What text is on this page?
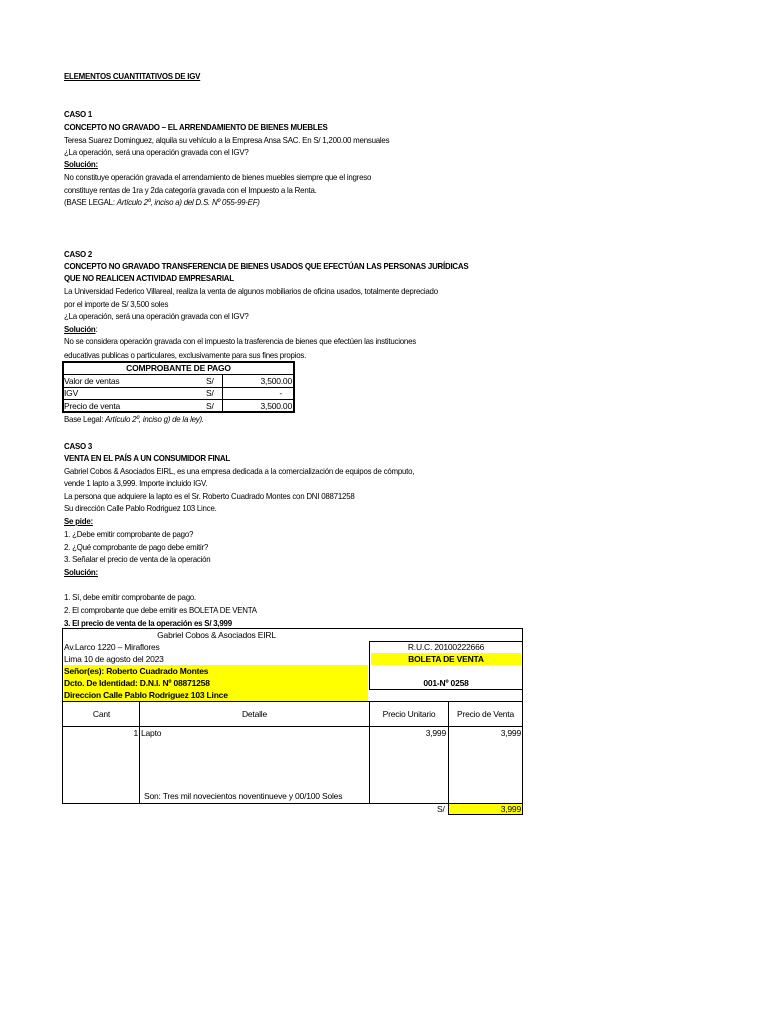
ELEMENTOS CUANTITATIVOS DE IGV
CASO 1
CONCEPTO NO GRAVADO – EL ARRENDAMIENTO DE BIENES MUEBLES
Teresa Suarez Dominguez, alquila su vehículo a la Empresa Ansa SAC. En S/ 1,200.00 mensuales
¿La operación, será una operación gravada con el IGV?
Solución:
No constituye operación gravada el arrendamiento de bienes muebles siempre que el ingreso
constituye rentas de 1ra y 2da categoría gravada con el Impuesto a la Renta.
(BASE LEGAL: Artículo 2º, inciso a) del D.S. Nº 055-99-EF)
CASO 2
CONCEPTO NO GRAVADO TRANSFERENCIA DE BIENES USADOS QUE EFECTÚAN LAS PERSONAS JURÍDICAS
QUE NO REALICEN ACTIVIDAD EMPRESARIAL
La Universidad Federico Villareal, realiza la venta de algunos mobiliarios de oficina usados, totalmente depreciado
por el importe de S/ 3,500 soles
¿La operación, será una operación gravada con el IGV?
Solución:
No se considera operación gravada con el impuesto la trasferencia de bienes que efectúen las instituciones
educativas publicas o particulares, exclusivamente para sus fines propios.
COMPROBANTE DE PAGO
Valor de ventas	S/	3,500.00
IGV	S/	-
Precio de venta	S/	3,500.00
Base Legal: Artículo 2º, inciso g) de la ley).
CASO 3
VENTA EN EL PAÍS A UN CONSUMIDOR FINAL
Gabriel Cobos & Asociados EIRL, es una empresa dedicada a la comercialización de equipos de cómputo,
vende 1 lapto a 3,999. Importe incluido IGV.
La persona que adquiere la lapto es el Sr. Roberto Cuadrado Montes con DNI 08871258
Su dirección Calle Pablo Rodriguez 103 Lince.
Se pide:
1. ¿Debe emitir comprobante de pago?
2. ¿Qué comprobante de pago debe emitir?
3. Señalar el precio de venta de la operación
Solución:
1. Sí, debe emitir comprobante de pago.
2. El comprobante que debe emitir es BOLETA DE VENTA
3. El precio de venta de la operación es S/ 3,999
Gabriel Cobos & Asociados EIRL
Av.Larco 1220 – Miraflores
Lima 10 de agosto del 2023
R.U.C. 20100222666
BOLETA DE VENTA
Señor(es): Roberto Cuadrado Montes
Dcto. De Identidad: D.N.I. Nº 08871258	001-Nº 0258
Direccion Calle Pablo Rodriguez 103 Lince
Cant	Detalle	Precio Unitario	Precio de Venta
1 Lapto	3,999	3,999
Son: Tres mil novecientos noventinueve y 00/100 Soles
S/	3,999
